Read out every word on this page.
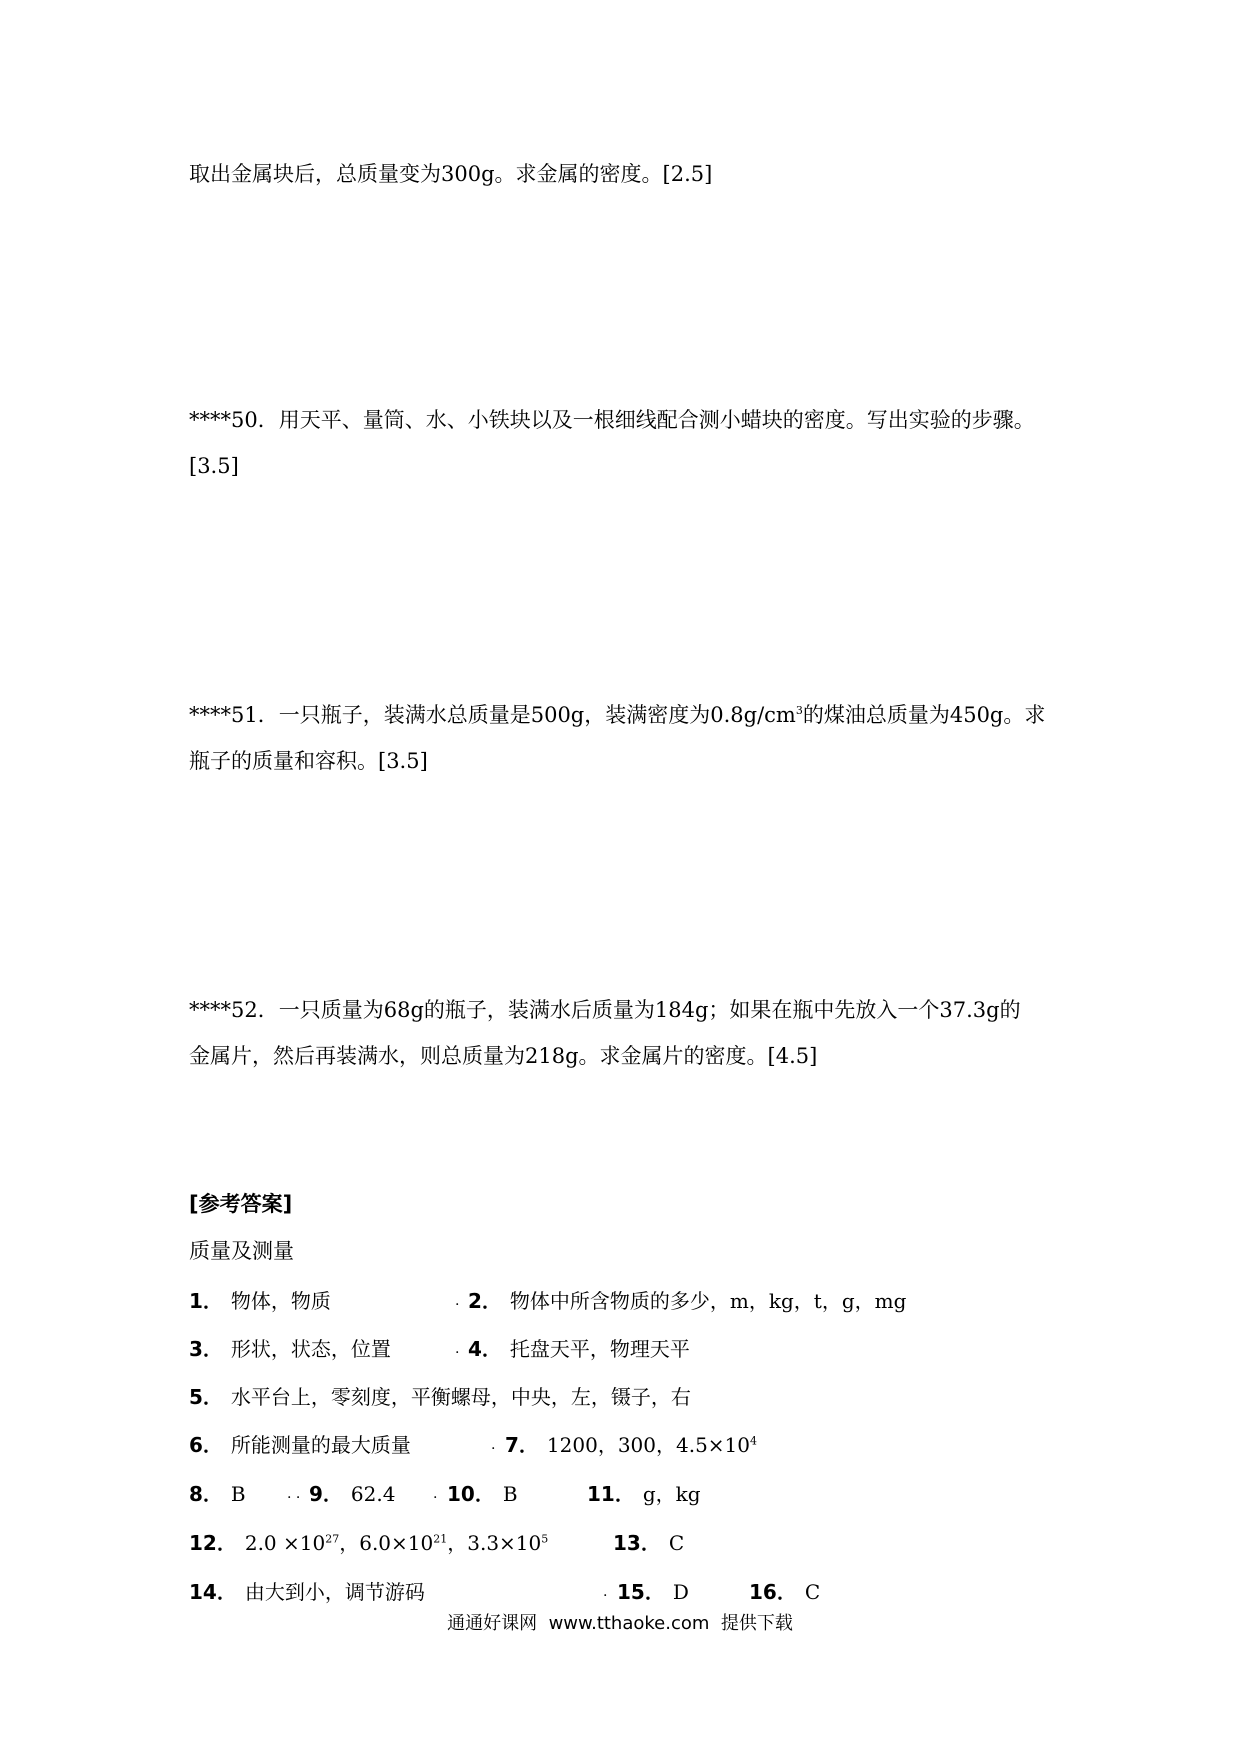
取出金属块后，总质量变为300g。求金属的密度。[2.5]
****50．用天平、量筒、水、小铁块以及一根细线配合测小蜡块的密度。写出实验的步骤。
[3.5]
****51．一只瓶子，装满水总质量是500g，装满密度为$0.8g/cm^3$的煤油总质量为450g。求
瓶子的质量和容积。[3.5]
****52．一只质量为68g的瓶子，装满水后质量为184g；如果在瓶中先放入一个37.3g的
金属片，然后再装满水，则总质量为218g。求金属片的密度。[4.5]
[参考答案]
质量及测量
1． 物体，物质	. 2． 物体中所含物质的多少，m，kg，t，g，mg
3． 形状，状态，位置	. 4． 托盘天平，物理天平
5． 水平台上，零刻度，平衡螺母，中央，左，镊子，右
6． 所能测量的最大质量	. 7． 1200，300，$4.5\times 10^4$
8． B	. . 9． 62.4	. 10． B	11． g，kg
12． $2.0 \times 10^{27}$，$6.0\times 10^{21}$，$3.3\times 10^5$	13． C
14． 由大到小，调节游码	. 15． D	16． C
通通好课网  www.tthaoke.com  提供下载
